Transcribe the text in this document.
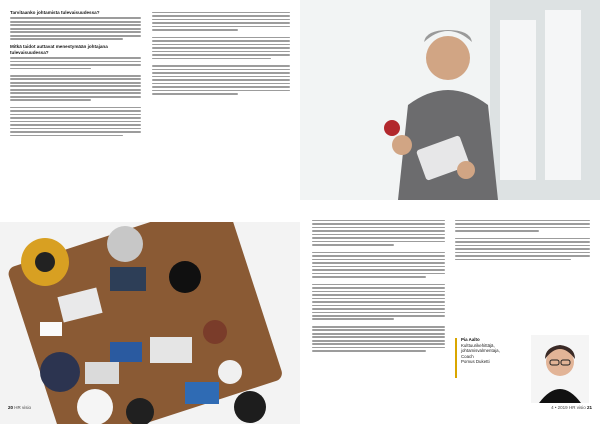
Tarvitaanko johtamista tulevaisuudessa?
Mitkä taidot auttavat menestymään johtajana tulevaisuudessa?
20 HR visio	4 • 2019 HR visio 21
Pia Aalto
Kulttuurikehittäjä,
johtamisvalmentaja,
Coach
Pomus Duketti
